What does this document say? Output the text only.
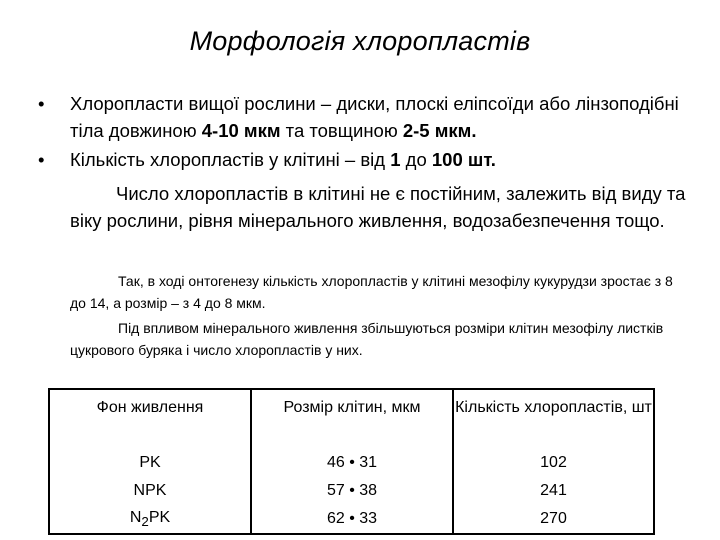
Морфологія хлоропластів
• Хлоропласти вищої рослини – диски, плоскі еліпсоїди або лінзоподібні тіла довжиною 4-10 мкм та товщиною 2-5 мкм.
• Кількість хлоропластів у клітині – від 1 до 100 шт.
Число хлоропластів в клітині не є постійним, залежить від виду та віку рослини, рівня мінерального живлення, водозабезпечення тощо.
Так, в ході онтогенезу кількість хлоропластів у клітині мезофілу кукурудзи зростає з 8 до 14, а розмір – з 4 до 8 мкм.
Під впливом мінерального живлення збільшуються розміри клітин мезофілу листків цукрового буряка і число хлоропластів у них.
Фон живлення	Розмір клітин, мкм	Кількість хлоропластів, шт
PK	46 • 31	102
NPK	57 • 38	241
$N_2PK$	62 • 33	270
